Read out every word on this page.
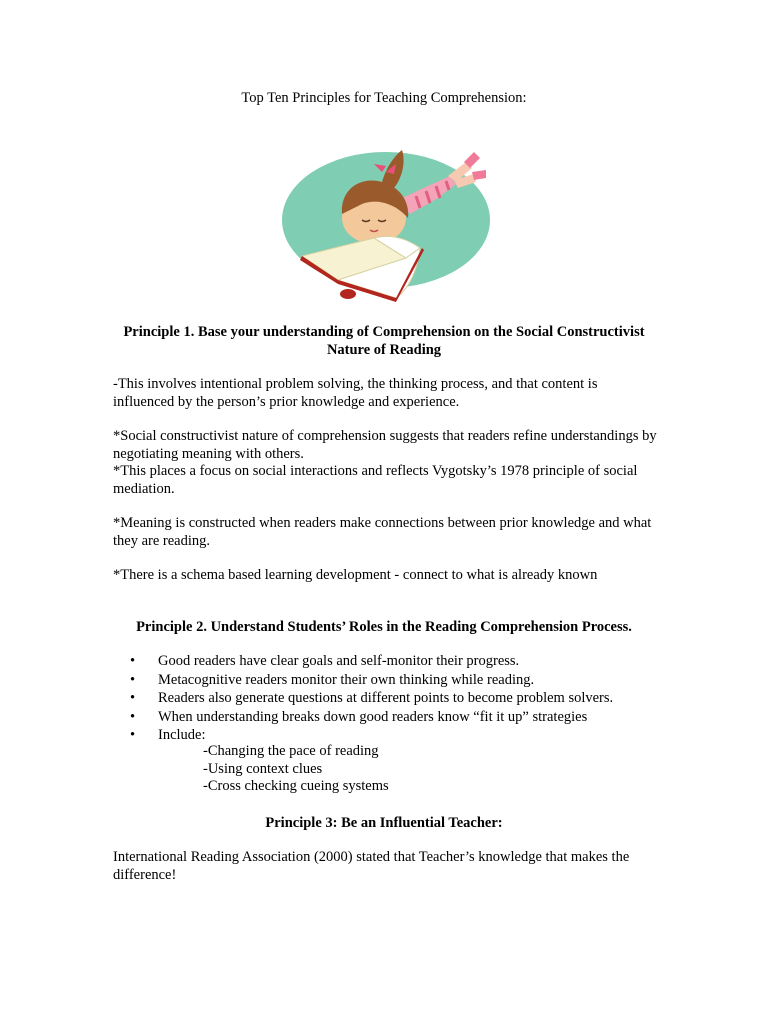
Top Ten Principles for Teaching Comprehension:
Principle 1. Base your understanding of Comprehension on the Social Constructivist
Nature of Reading

-This involves intentional problem solving, the thinking process, and that content is influenced by the person’s prior knowledge and experience.

*Social constructivist nature of comprehension suggests that readers refine understandings by negotiating meaning with others.

*This places a focus on social interactions and reflects Vygotsky’s 1978 principle of social mediation.

*Meaning is constructed when readers make connections between prior knowledge and what they are reading.

*There is a schema based learning development - connect to what is already known

Principle 2. Understand Students’ Roles in the Reading Comprehension Process.
• Good readers have clear goals and self-monitor their progress.
• Metacognitive readers monitor their own thinking while reading.
• Readers also generate questions at different points to become problem solvers.
• When understanding breaks down good readers know “fit it up” strategies
• Include:
-Changing the pace of reading
-Using context clues
-Cross checking cueing systems
Principle 3: Be an Influential Teacher:

International Reading Association (2000) stated that Teacher’s knowledge that makes the difference!
